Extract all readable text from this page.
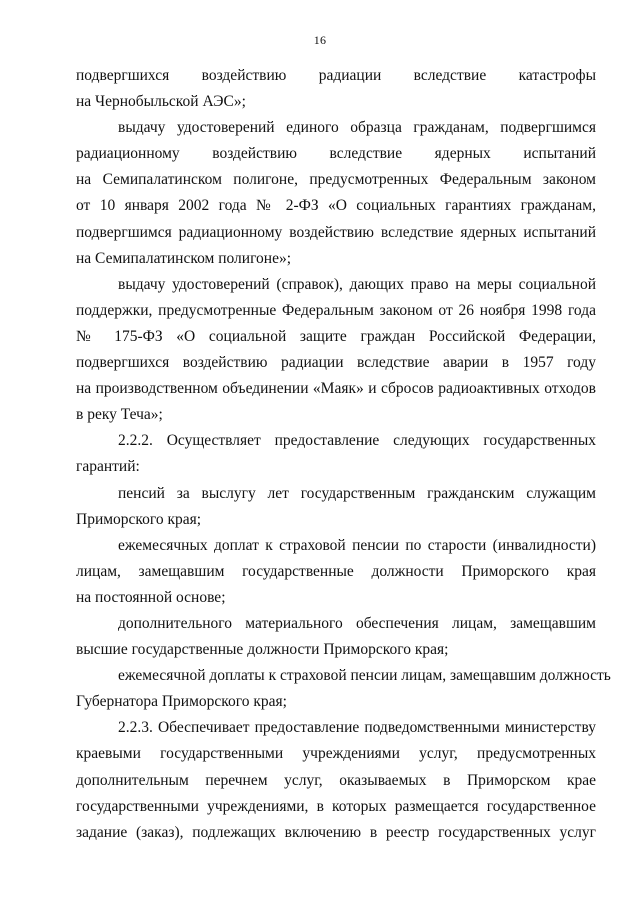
16
подвергшихся воздействию радиации вследствие катастрофы
на Чернобыльской АЭС»;
выдачу удостоверений единого образца гражданам, подвергшимся
радиационному воздействию вследствие ядерных испытаний
на Семипалатинском полигоне, предусмотренных Федеральным законом
от 10 января 2002 года № 2-ФЗ «О социальных гарантиях гражданам,
подвергшимся радиационному воздействию вследствие ядерных испытаний
на Семипалатинском полигоне»;
выдачу удостоверений (справок), дающих право на меры социальной
поддержки, предусмотренные Федеральным законом от 26 ноября 1998 года
№ 175-ФЗ «О социальной защите граждан Российской Федерации,
подвергшихся воздействию радиации вследствие аварии в 1957 году
на производственном объединении «Маяк» и сбросов радиоактивных отходов
в реку Теча»;
2.2.2. Осуществляет предоставление следующих государственных
гарантий:
пенсий за выслугу лет государственным гражданским служащим
Приморского края;
ежемесячных доплат к страховой пенсии по старости (инвалидности)
лицам, замещавшим государственные должности Приморского края
на постоянной основе;
дополнительного материального обеспечения лицам, замещавшим
высшие государственные должности Приморского края;
ежемесячной доплаты к страховой пенсии лицам, замещавшим должность
Губернатора Приморского края;
2.2.3. Обеспечивает предоставление подведомственными министерству
краевыми государственными учреждениями услуг, предусмотренных
дополнительным перечнем услуг, оказываемых в Приморском крае
государственными учреждениями, в которых размещается государственное
задание (заказ), подлежащих включению в реестр государственных услуг
